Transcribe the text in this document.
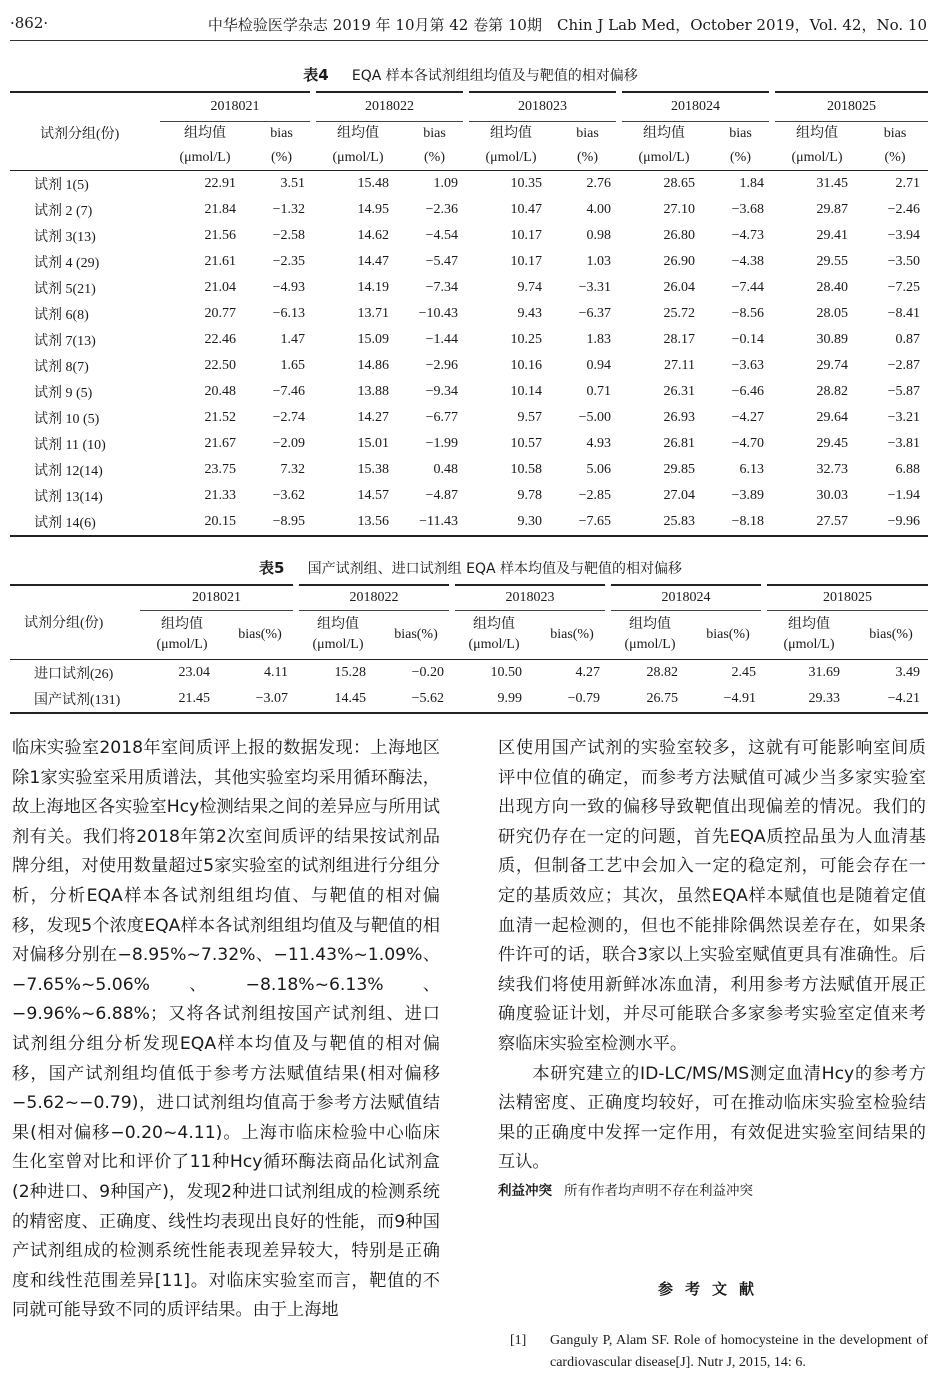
·862·	中华检验医学杂志 2019 年 10月第 42 卷第 10期　Chin J Lab Med，October 2019，Vol. 42，No. 10
表4 EQA 样本各试剂组组均值及与靶值的相对偏移
试剂分组(份)	2018021		2018022		2018023		2018024		2018025	
	组均值	bias	组均值	bias	组均值	bias	组均值	bias	组均值	bias
	(μmol/L)	(%)	(μmol/L)	(%)	(μmol/L)	(%)	(μmol/L)	(%)	(μmol/L)	(%)
试剂 1(5)	22.91	3.51	15.48	1.09	10.35	2.76	28.65	1.84	31.45	2.71
试剂 2 (7)	21.84	−1.32	14.95	−2.36	10.47	4.00	27.10	−3.68	29.87	−2.46
试剂 3(13)	21.56	−2.58	14.62	−4.54	10.17	0.98	26.80	−4.73	29.41	−3.94
试剂 4 (29)	21.61	−2.35	14.47	−5.47	10.17	1.03	26.90	−4.38	29.55	−3.50
试剂 5(21)	21.04	−4.93	14.19	−7.34	9.74	−3.31	26.04	−7.44	28.40	−7.25
试剂 6(8)	20.77	−6.13	13.71	−10.43	9.43	−6.37	25.72	−8.56	28.05	−8.41
试剂 7(13)	22.46	1.47	15.09	−1.44	10.25	1.83	28.17	−0.14	30.89	0.87
试剂 8(7)	22.50	1.65	14.86	−2.96	10.16	0.94	27.11	−3.63	29.74	−2.87
试剂 9 (5)	20.48	−7.46	13.88	−9.34	10.14	0.71	26.31	−6.46	28.82	−5.87
试剂 10 (5)	21.52	−2.74	14.27	−6.77	9.57	−5.00	26.93	−4.27	29.64	−3.21
试剂 11 (10)	21.67	−2.09	15.01	−1.99	10.57	4.93	26.81	−4.70	29.45	−3.81
试剂 12(14)	23.75	7.32	15.38	0.48	10.58	5.06	29.85	6.13	32.73	6.88
试剂 13(14)	21.33	−3.62	14.57	−4.87	9.78	−2.85	27.04	−3.89	30.03	−1.94
试剂 14(6)	20.15	−8.95	13.56	−11.43	9.30	−7.65	25.83	−8.18	27.57	−9.96
表5 国产试剂组、进口试剂组 EQA 样本均值及与靶值的相对偏移
试剂分组(份)	2018021		2018022		2018023		2018024		2018025	
	组均值
(μmol/L)	bias(%)	组均值
(μmol/L)	bias(%)	组均值
(μmol/L)	bias(%)	组均值
(μmol/L)	bias(%)	组均值
(μmol/L)	bias(%)
进口试剂(26)	23.04	4.11	15.28	−0.20	10.50	4.27	28.82	2.45	31.69	3.49
国产试剂(131)	21.45	−3.07	14.45	−5.62	9.99	−0.79	26.75	−4.91	29.33	−4.21

临床实验室2018年室间质评上报的数据发现：上海地区除1家实验室采用质谱法，其他实验室均采用循环酶法，故上海地区各实验室Hcy检测结果之间的差异应与所用试剂有关。我们将2018年第2次室间质评的结果按试剂品牌分组，对使用数量超过5家实验室的试剂组进行分组分析，分析EQA样本各试剂组组均值、与靶值的相对偏移，发现5个浓度EQA样本各试剂组组均值及与靶值的相对偏移分别在−8.95%~7.32%、−11.43%~1.09%、−7.65%~5.06%、−8.18%~6.13%、−9.96%~6.88%；又将各试剂组按国产试剂组、进口试剂组分组分析发现EQA样本均值及与靶值的相对偏移，国产试剂组均值低于参考方法赋值结果(相对偏移−5.62~−0.79)，进口试剂组均值高于参考方法赋值结果(相对偏移−0.20~4.11)。上海市临床检验中心临床生化室曾对比和评价了11种Hcy循环酶法商品化试剂盒(2种进口、9种国产)，发现2种进口试剂组成的检测系统的精密度、正确度、线性均表现出良好的性能，而9种国产试剂组成的检测系统性能表现差异较大，特别是正确度和线性范围差异[11]。对临床实验室而言，靶值的不同就可能导致不同的质评结果。由于上海地

区使用国产试剂的实验室较多，这就有可能影响室间质评中位值的确定，而参考方法赋值可减少当多家实验室出现方向一致的偏移导致靶值出现偏差的情况。我们的研究仍存在一定的问题，首先EQA质控品虽为人血清基质，但制备工艺中会加入一定的稳定剂，可能会存在一定的基质效应；其次，虽然EQA样本赋值也是随着定值血清一起检测的，但也不能排除偶然误差存在，如果条件许可的话，联合3家以上实验室赋值更具有准确性。后续我们将使用新鲜冰冻血清，利用参考方法赋值开展正确度验证计划，并尽可能联合多家参考实验室定值来考察临床实验室检测水平。

本研究建立的ID-LC/MS/MS测定血清Hcy的参考方法精密度、正确度均较好，可在推动临床实验室检验结果的正确度中发挥一定作用，有效促进实验室间结果的互认。

利益冲突 所有作者均声明不存在利益冲突
参考文献
[1] Ganguly P, Alam SF. Role of homocysteine in the development of cardiovascular disease[J]. Nutr J, 2015, 14: 6.
